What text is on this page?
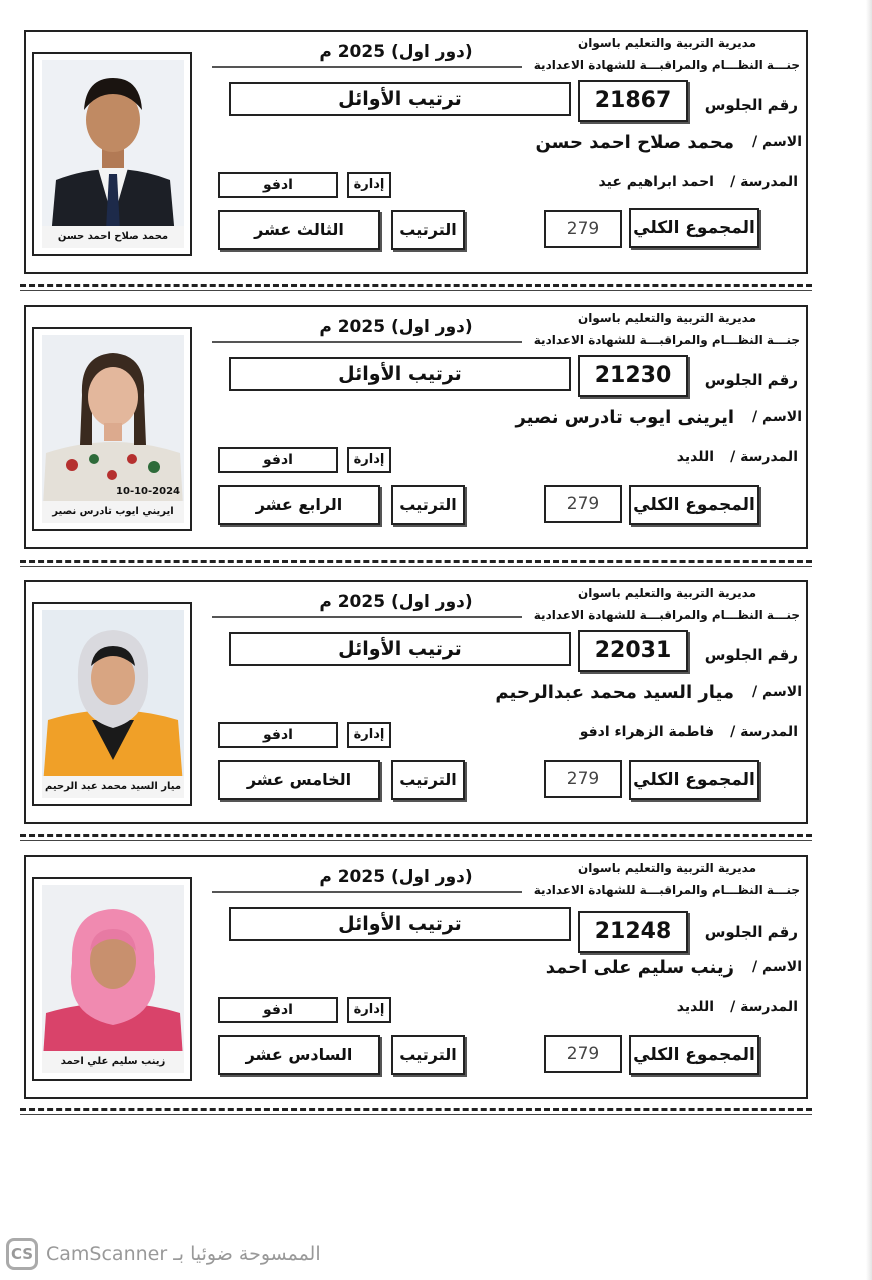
محمد صلاح احمد حسن
مديرية التربية والتعليم باسوان
جنـــة النظـــام والمراقبـــة للشهادة الاعدادية
(دور اول) 2025 م
ترتيب الأوائل	21867	رقم الجلوس
الاسم /
محمد صلاح احمد حسن
المدرسة /
احمد ابراهيم عيد
إدارة
ادفو
المجموع الكلي
279
الترتيب
الثالث عشر
ايريني ايوب تادرس نصير
10-10-2024
مديرية التربية والتعليم باسوان
جنـــة النظـــام والمراقبـــة للشهادة الاعدادية
(دور اول) 2025 م
ترتيب الأوائل	21230	رقم الجلوس
الاسم /
ايرينى ايوب تادرس نصير
المدرسة /
اللديد
إدارة
ادفو
المجموع الكلي
279
الترتيب
الرابع عشر
ميار السيد محمد عبد الرحيم
مديرية التربية والتعليم باسوان
جنـــة النظـــام والمراقبـــة للشهادة الاعدادية
(دور اول) 2025 م
ترتيب الأوائل	22031	رقم الجلوس
الاسم /
ميار السيد محمد عبدالرحيم
المدرسة /
فاطمة الزهراء ادفو
إدارة
ادفو
المجموع الكلي
279
الترتيب
الخامس عشر
زينب سليم علي احمد
مديرية التربية والتعليم باسوان
جنـــة النظـــام والمراقبـــة للشهادة الاعدادية
(دور اول) 2025 م
ترتيب الأوائل	21248	رقم الجلوس
الاسم /
زينب سليم على احمد
المدرسة /
اللديد
إدارة
ادفو
المجموع الكلي
279
الترتيب
السادس عشر
CS الممسوحة ضوئيا بـ CamScanner
